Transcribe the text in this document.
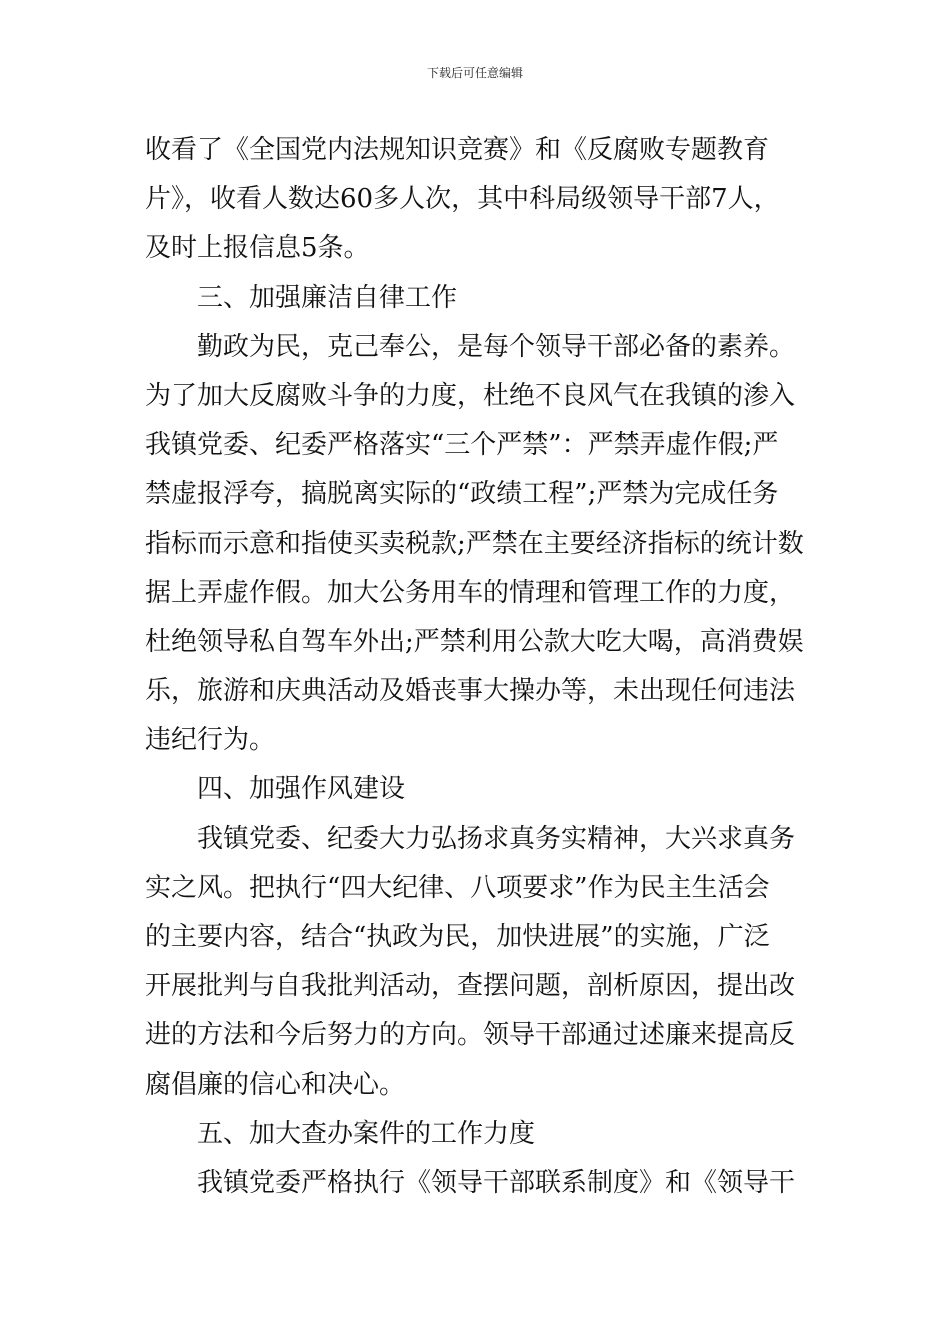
下载后可任意编辑
收看了《全国党内法规知识竞赛》和《反腐败专题教育
片》，收看人数达60多人次，其中科局级领导干部7人，
及时上报信息5条。
三、加强廉洁自律工作
勤政为民，克己奉公，是每个领导干部必备的素养。
为了加大反腐败斗争的力度，杜绝不良风气在我镇的渗入
我镇党委、纪委严格落实“三个严禁”：严禁弄虚作假;严
禁虚报浮夸，搞脱离实际的“政绩工程”;严禁为完成任务
指标而示意和指使买卖税款;严禁在主要经济指标的统计数
据上弄虚作假。加大公务用车的情理和管理工作的力度，
杜绝领导私自驾车外出;严禁利用公款大吃大喝，高消费娱
乐，旅游和庆典活动及婚丧事大操办等，未出现任何违法
违纪行为。
四、加强作风建设
我镇党委、纪委大力弘扬求真务实精神，大兴求真务
实之风。把执行“四大纪律、八项要求”作为民主生活会
的主要内容，结合“执政为民，加快进展”的实施，广泛
开展批判与自我批判活动，查摆问题，剖析原因，提出改
进的方法和今后努力的方向。领导干部通过述廉来提高反
腐倡廉的信心和决心。
五、加大查办案件的工作力度
我镇党委严格执行《领导干部联系制度》和《领导干
